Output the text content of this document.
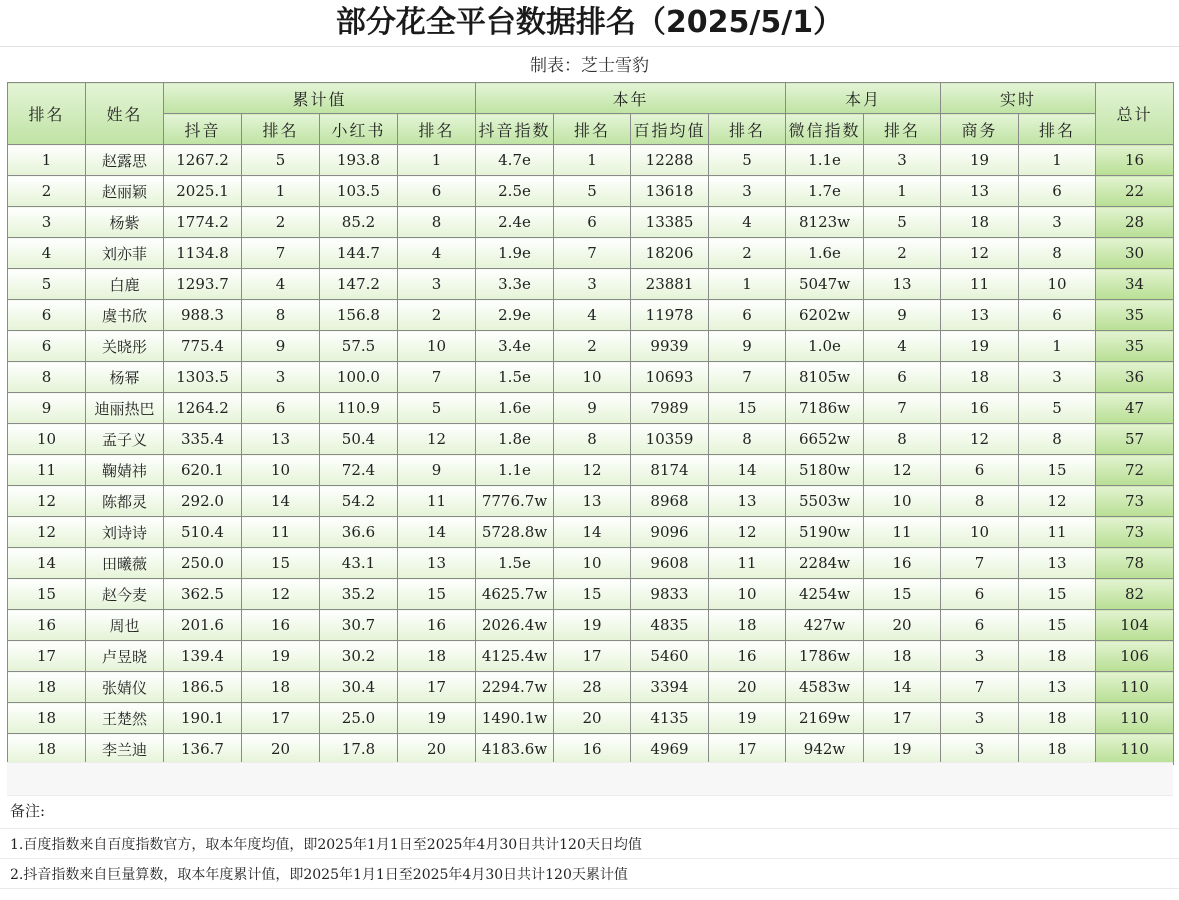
部分花全平台数据排名（2025/5/1）
制表：芝士雪豹
排名	姓名	累计值				本年				本月		实时		总计
		抖音	排名	小红书	排名	抖音指数	排名	百指均值	排名	微信指数	排名	商务	排名	
1	赵露思	1267.2	5	193.8	1	4.7e	1	12288	5	1.1e	3	19	1	16
2	赵丽颖	2025.1	1	103.5	6	2.5e	5	13618	3	1.7e	1	13	6	22
3	杨紫	1774.2	2	85.2	8	2.4e	6	13385	4	8123w	5	18	3	28
4	刘亦菲	1134.8	7	144.7	4	1.9e	7	18206	2	1.6e	2	12	8	30
5	白鹿	1293.7	4	147.2	3	3.3e	3	23881	1	5047w	13	11	10	34
6	虞书欣	988.3	8	156.8	2	2.9e	4	11978	6	6202w	9	13	6	35
6	关晓彤	775.4	9	57.5	10	3.4e	2	9939	9	1.0e	4	19	1	35
8	杨幂	1303.5	3	100.0	7	1.5e	10	10693	7	8105w	6	18	3	36
9	迪丽热巴	1264.2	6	110.9	5	1.6e	9	7989	15	7186w	7	16	5	47
10	孟子义	335.4	13	50.4	12	1.8e	8	10359	8	6652w	8	12	8	57
11	鞠婧祎	620.1	10	72.4	9	1.1e	12	8174	14	5180w	12	6	15	72
12	陈都灵	292.0	14	54.2	11	7776.7w	13	8968	13	5503w	10	8	12	73
12	刘诗诗	510.4	11	36.6	14	5728.8w	14	9096	12	5190w	11	10	11	73
14	田曦薇	250.0	15	43.1	13	1.5e	10	9608	11	2284w	16	7	13	78
15	赵今麦	362.5	12	35.2	15	4625.7w	15	9833	10	4254w	15	6	15	82
16	周也	201.6	16	30.7	16	2026.4w	19	4835	18	427w	20	6	15	104
17	卢昱晓	139.4	19	30.2	18	4125.4w	17	5460	16	1786w	18	3	18	106
18	张婧仪	186.5	18	30.4	17	2294.7w	28	3394	20	4583w	14	7	13	110
18	王楚然	190.1	17	25.0	19	1490.1w	20	4135	19	2169w	17	3	18	110
18	李兰迪	136.7	20	17.8	20	4183.6w	16	4969	17	942w	19	3	18	110
备注:
1.百度指数来自百度指数官方，取本年度均值，即2025年1月1日至2025年4月30日共计120天日均值
2.抖音指数来自巨量算数，取本年度累计值，即2025年1月1日至2025年4月30日共计120天累计值
